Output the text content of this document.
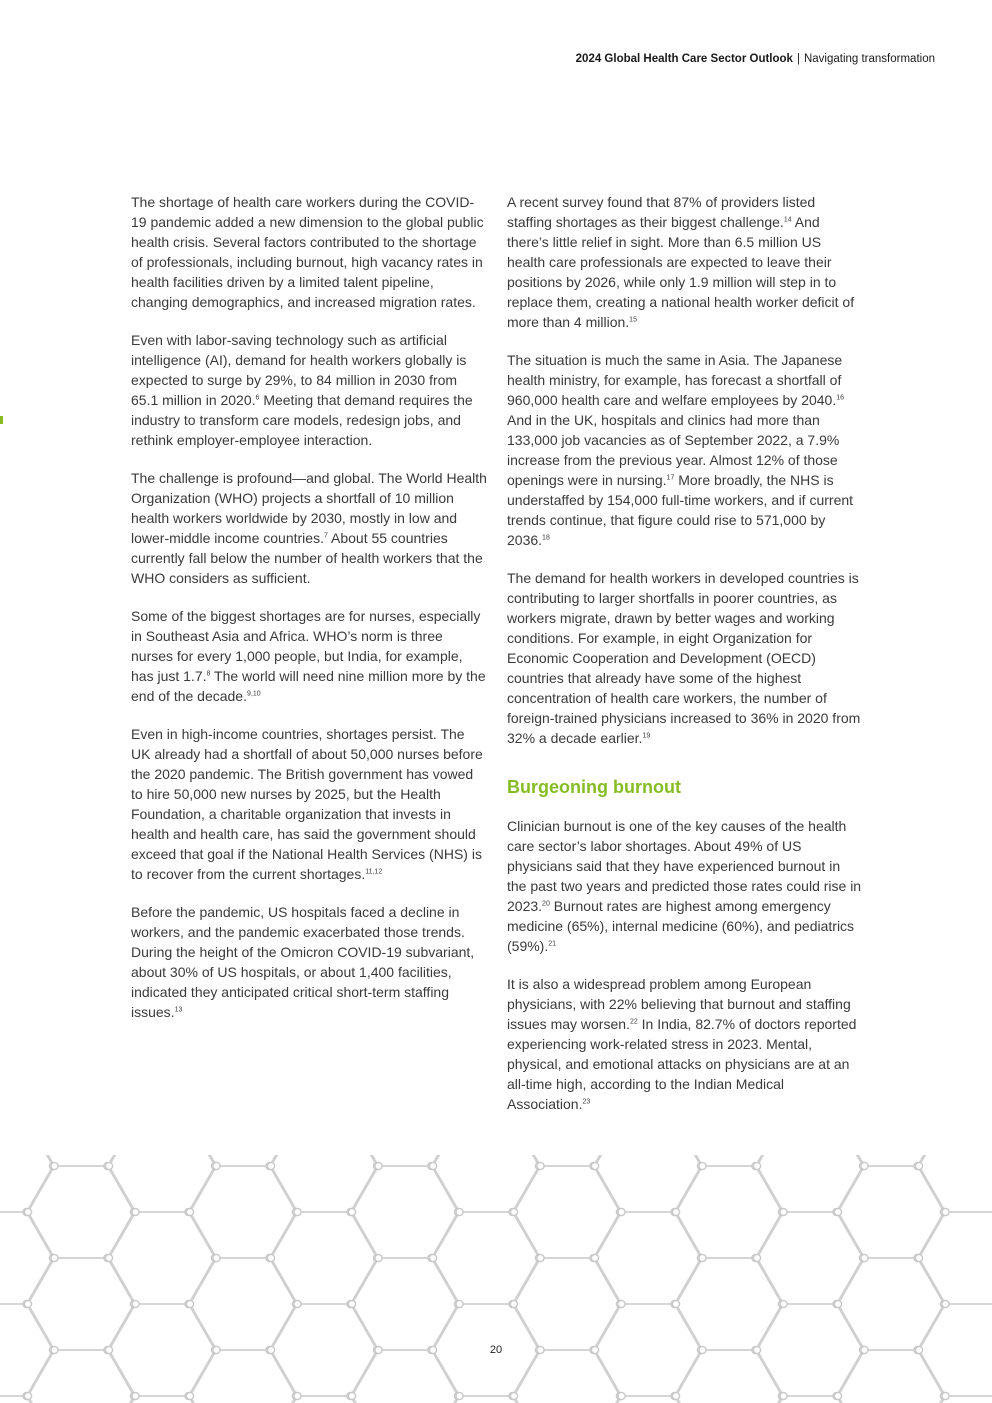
2024 Global Health Care Sector Outlook | Navigating transformation

The shortage of health care workers during the COVID-19 pandemic added a new dimension to the global public health crisis. Several factors contributed to the shortage of professionals, including burnout, high vacancy rates in health facilities driven by a limited talent pipeline, changing demographics, and increased migration rates.

Even with labor-saving technology such as artificial intelligence (AI), demand for health workers globally is expected to surge by 29%, to 84 million in 2030 from 65.1 million in 2020.$^6$ Meeting that demand requires the industry to transform care models, redesign jobs, and rethink employer-employee interaction.

The challenge is profound—and global. The World Health Organization (WHO) projects a shortfall of 10 million health workers worldwide by 2030, mostly in low and lower-middle income countries.$^7$ About 55 countries currently fall below the number of health workers that the WHO considers as sufficient.

Some of the biggest shortages are for nurses, especially in Southeast Asia and Africa. WHO’s norm is three nurses for every 1,000 people, but India, for example, has just 1.7.$^8$ The world will need nine million more by the end of the decade.$^{9,10}$

Even in high-income countries, shortages persist. The UK already had a shortfall of about 50,000 nurses before the 2020 pandemic. The British government has vowed to hire 50,000 new nurses by 2025, but the Health Foundation, a charitable organization that invests in health and health care, has said the government should exceed that goal if the National Health Services (NHS) is to recover from the current shortages.$^{11,12}$

Before the pandemic, US hospitals faced a decline in workers, and the pandemic exacerbated those trends. During the height of the Omicron COVID-19 subvariant, about 30% of US hospitals, or about 1,400 facilities, indicated they anticipated critical short-term staffing issues.$^{13}$

A recent survey found that 87% of providers listed staffing shortages as their biggest challenge.$^{14}$ And there’s little relief in sight. More than 6.5 million US health care professionals are expected to leave their positions by 2026, while only 1.9 million will step in to replace them, creating a national health worker deficit of more than 4 million.$^{15}$

The situation is much the same in Asia. The Japanese health ministry, for example, has forecast a shortfall of 960,000 health care and welfare employees by 2040.16 And in the UK, hospitals and clinics had more than 133,000 job vacancies as of September 2022, a 7.9% increase from the previous year. Almost 12% of those openings were in nursing.$^{17}$ More broadly, the NHS is understaffed by 154,000 full-time workers, and if current trends continue, that figure could rise to 571,000 by 2036.18

The demand for health workers in developed countries is contributing to larger shortfalls in poorer countries, as workers migrate, drawn by better wages and working conditions. For example, in eight Organization for Economic Cooperation and Development (OECD) countries that already have some of the highest concentration of health care workers, the number of foreign-trained physicians increased to 36% in 2020 from 32% a decade earlier.$^{19}$

Burgeoning burnout

Clinician burnout is one of the key causes of the health care sector’s labor shortages. About 49% of US physicians said that they have experienced burnout in the past two years and predicted those rates could rise in 2023.20 Burnout rates are highest among emergency medicine (65%), internal medicine (60%), and pediatrics (59%).$^{21}$

It is also a widespread problem among European physicians, with 22% believing that burnout and staffing issues may worsen.$^{22}$ In India, 82.7% of doctors reported experiencing work-related stress in 2023. Mental, physical, and emotional attacks on physicians are at an all-time high, according to the Indian Medical Association.$^{23}$

20
